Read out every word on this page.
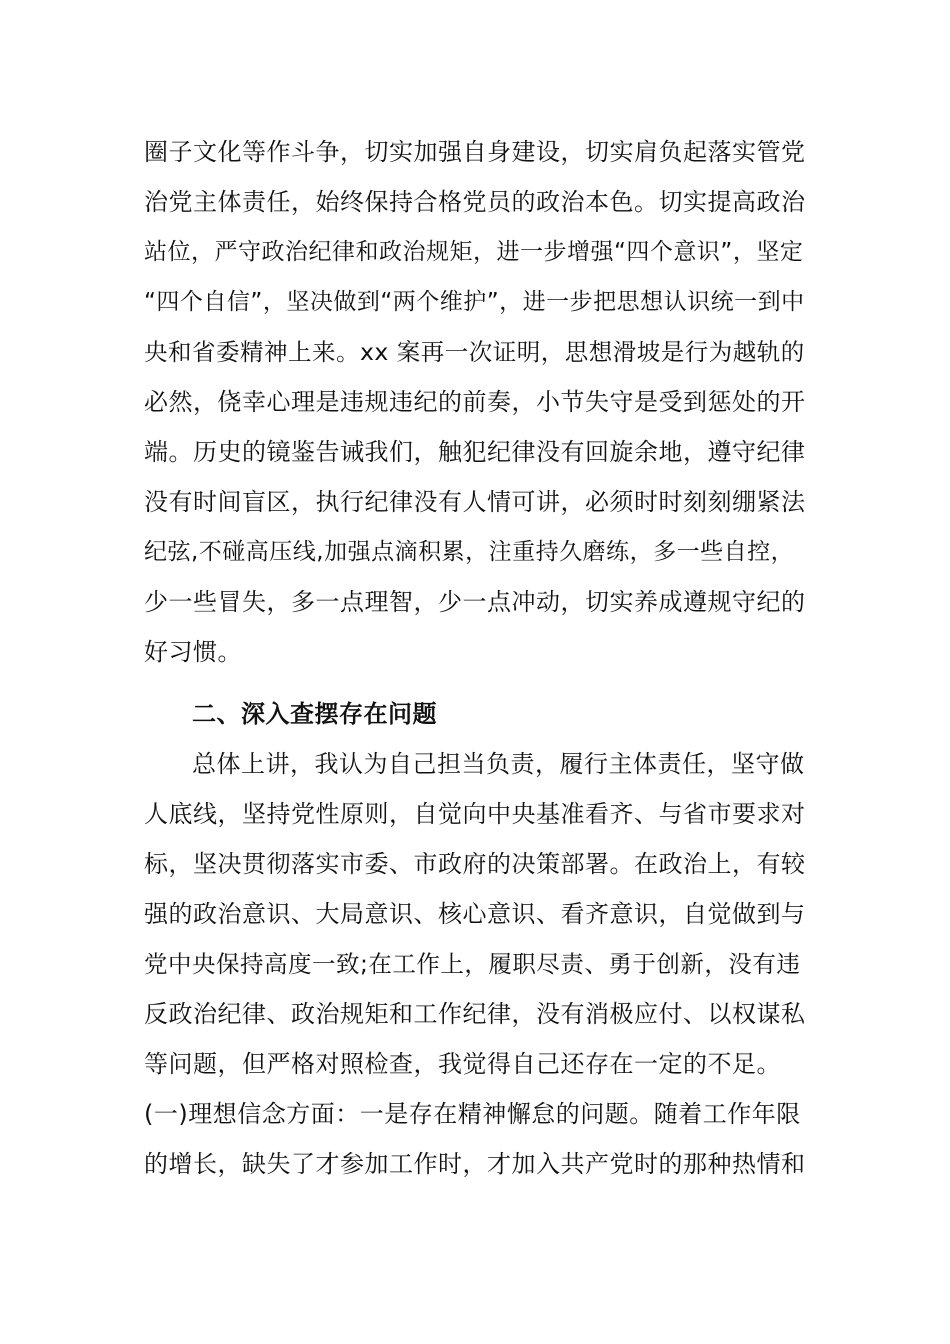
圈子文化等作斗争，切实加强自身建设，切实肩负起落实管党
治党主体责任，始终保持合格党员的政治本色。切实提高政治
站位，严守政治纪律和政治规矩，进一步增强“四个意识”，坚定
“四个自信”，坚决做到“两个维护”，进一步把思想认识统一到中
央和省委精神上来。xx 案再一次证明，思想滑坡是行为越轨的
必然，侥幸心理是违规违纪的前奏，小节失守是受到惩处的开
端。历史的镜鉴告诫我们，触犯纪律没有回旋余地，遵守纪律
没有时间盲区，执行纪律没有人情可讲，必须时时刻刻绷紧法
纪弦,不碰高压线,加强点滴积累，注重持久磨练，多一些自控，
少一些冒失，多一点理智，少一点冲动，切实养成遵规守纪的
好习惯。
二、深入查摆存在问题
总体上讲，我认为自己担当负责，履行主体责任，坚守做
人底线，坚持党性原则，自觉向中央基准看齐、与省市要求对
标，坚决贯彻落实市委、市政府的决策部署。在政治上，有较
强的政治意识、大局意识、核心意识、看齐意识，自觉做到与
党中央保持高度一致;在工作上，履职尽责、勇于创新，没有违
反政治纪律、政治规矩和工作纪律，没有消极应付、以权谋私
等问题，但严格对照检查，我觉得自己还存在一定的不足。
(一)理想信念方面：一是存在精神懈怠的问题。随着工作年限
的增长，缺失了才参加工作时，才加入共产党时的那种热情和
